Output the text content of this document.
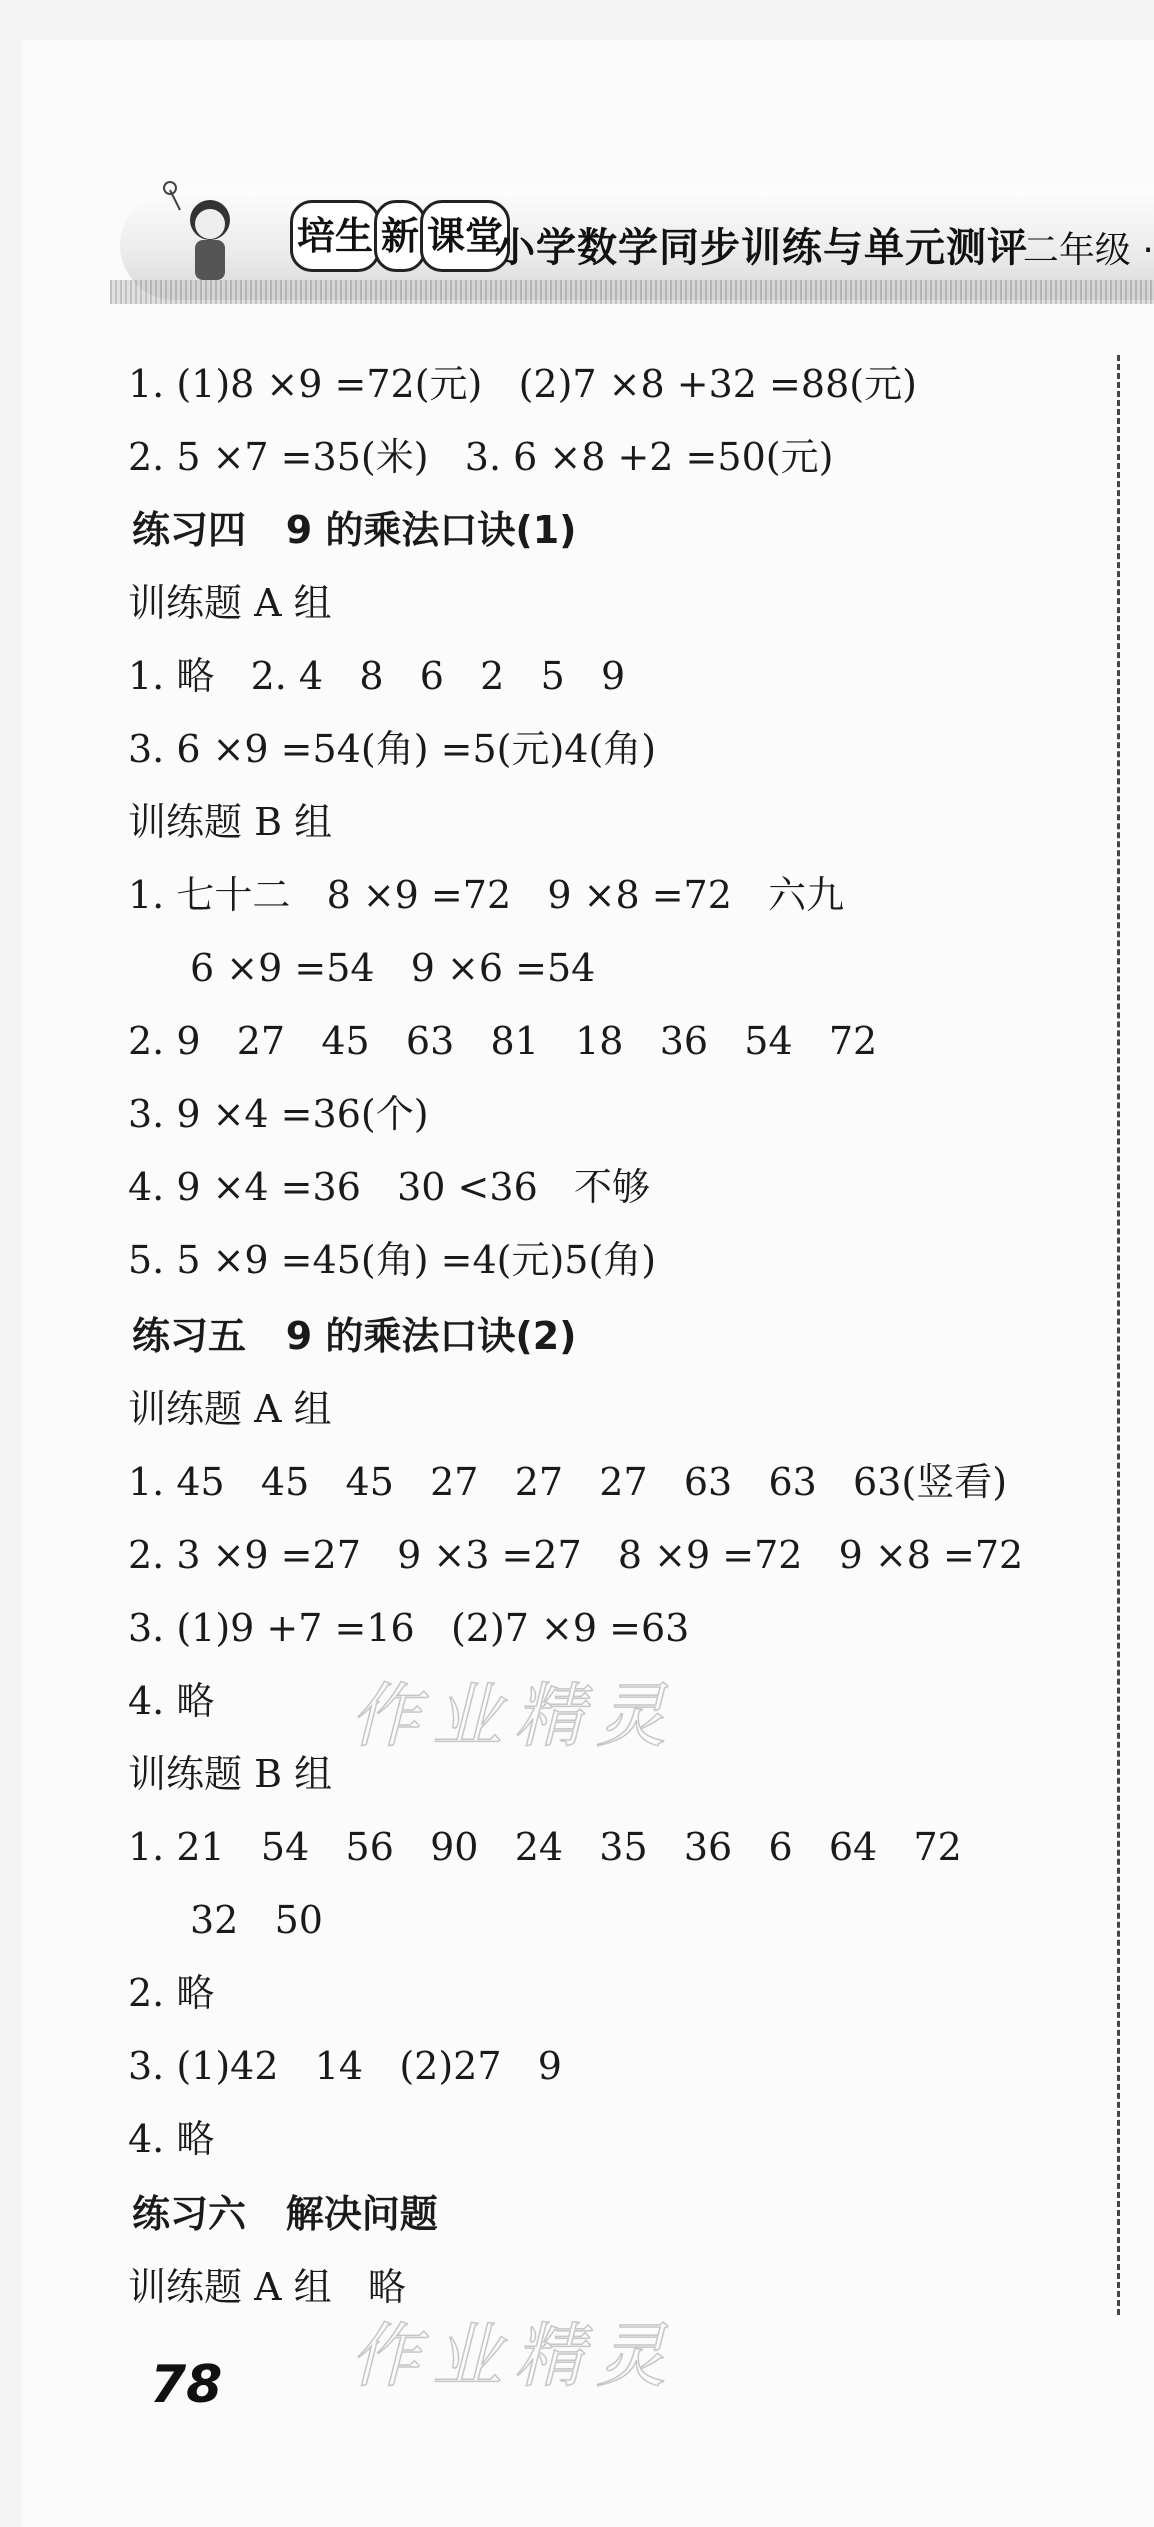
培生 新 课堂
小学数学同步训练与单元测评
· 二年级 ·
1. (1)8 ×9 =72(元)   (2)7 ×8 +32 =88(元)
2. 5 ×7 =35(米)   3. 6 ×8 +2 =50(元)
练习四   9 的乘法口诀(1)
训练题 A 组
1. 略   2. 4   8   6   2   5   9
3. 6 ×9 =54(角) =5(元)4(角)
训练题 B 组
1. 七十二   8 ×9 =72   9 ×8 =72   六九
6 ×9 =54   9 ×6 =54
2. 9   27   45   63   81   18   36   54   72
3. 9 ×4 =36(个)
4. 9 ×4 =36   30 <36   不够
5. 5 ×9 =45(角) =4(元)5(角)
练习五   9 的乘法口诀(2)
训练题 A 组
1. 45   45   45   27   27   27   63   63   63(竖看)
2. 3 ×9 =27   9 ×3 =27   8 ×9 =72   9 ×8 =72
3. (1)9 +7 =16   (2)7 ×9 =63
4. 略
训练题 B 组
1. 21   54   56   90   24   35   36   6   64   72
32   50
2. 略
3. (1)42   14   (2)27   9
4. 略
练习六   解决问题
训练题 A 组   略
作业精灵
作业精灵
78
